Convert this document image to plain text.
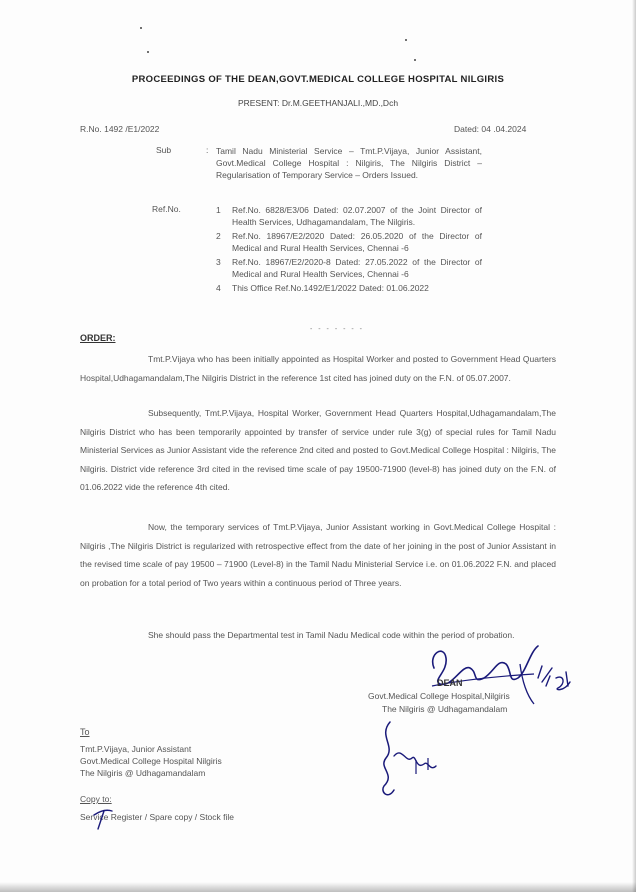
PROCEEDINGS OF THE DEAN,GOVT.MEDICAL COLLEGE HOSPITAL NILGIRIS
PRESENT: Dr.M.GEETHANJALI.,MD.,Dch
R.No. 1492 /E1/2022	Dated: 04 .04.2024
Sub	: Tamil Nadu Ministerial Service – Tmt.P.Vijaya, Junior Assistant, Govt.Medical College Hospital : Nilgiris, The Nilgiris District – Regularisation of Temporary Service – Orders Issued.
Ref.No.	1	Ref.No. 6828/E3/06 Dated: 02.07.2007 of the Joint Director of Health Services, Udhagamandalam, The Nilgiris.
2	Ref.No. 18967/E2/2020 Dated: 26.05.2020 of the Director of Medical and Rural Health Services, Chennai -6
3	Ref.No. 18967/E2/2020-8 Dated: 27.05.2022 of the Director of Medical and Rural Health Services, Chennai -6
4	This Office Ref.No.1492/E1/2022 Dated: 01.06.2022
- - - - - - -
ORDER:
Tmt.P.Vijaya who has been initially appointed as Hospital Worker and posted to Government Head Quarters Hospital,Udhagamandalam,The Nilgiris District in the reference 1st cited has joined duty on the F.N. of 05.07.2007.
Subsequently, Tmt.P.Vijaya, Hospital Worker, Government Head Quarters Hospital,Udhagamandalam,The Nilgiris District who has been temporarily appointed by transfer of service under rule 3(g) of special rules for Tamil Nadu Ministerial Services as Junior Assistant vide the reference 2nd cited and posted to Govt.Medical College Hospital : Nilgiris, The Nilgiris. District vide reference 3rd cited in the revised time scale of pay 19500-71900 (level-8) has joined duty on the F.N. of 01.06.2022 vide the reference 4th cited.
Now, the temporary services of Tmt.P.Vijaya, Junior Assistant working in Govt.Medical College Hospital : Nilgiris ,The Nilgiris District is regularized with retrospective effect from the date of her joining in the post of Junior Assistant in the revised time scale of pay 19500 – 71900 (Level-8) in the Tamil Nadu Ministerial Service i.e. on 01.06.2022 F.N. and placed on probation for a total period of Two years within a continuous period of Three years.
She should pass the Departmental test in Tamil Nadu Medical code within the period of probation.
DEAN
Govt.Medical College Hospital,Nilgiris
The Nilgiris @ Udhagamandalam
To
Tmt.P.Vijaya, Junior Assistant
Govt.Medical College Hospital Nilgiris
The Nilgiris @ Udhagamandalam
Copy to:
Service Register / Spare copy / Stock file
